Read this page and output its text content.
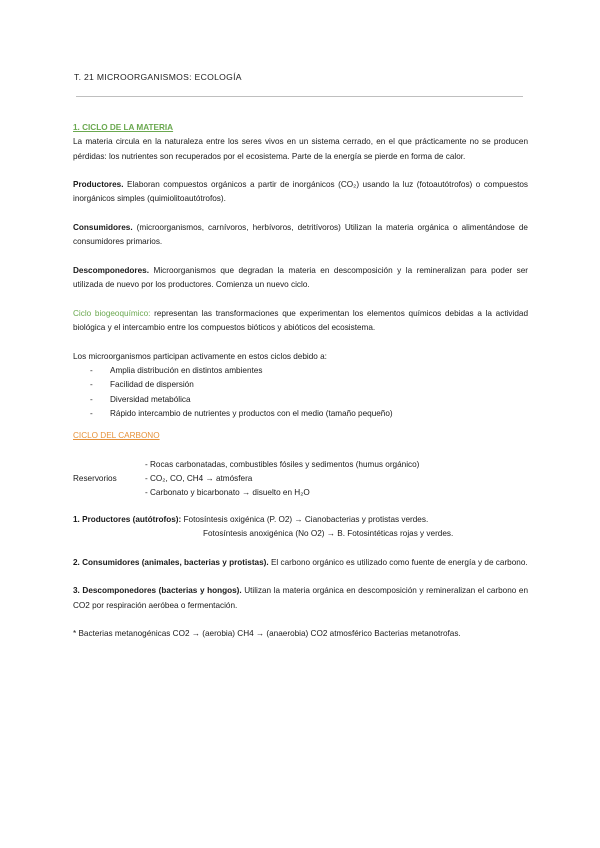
T. 21 MICROORGANISMOS: ECOLOGÍA
1. CICLO DE LA MATERIA

La materia circula en la naturaleza entre los seres vivos en un sistema cerrado, en el que prácticamente no se producen pérdidas: los nutrientes son recuperados por el ecosistema. Parte de la energía se pierde en forma de calor.

Productores. Elaboran compuestos orgánicos a partir de inorgánicos (CO₂) usando la luz (fotoautótrofos) o compuestos inorgánicos simples (quimiolitoautótrofos).

Consumidores. (microorganismos, carnívoros, herbívoros, detritívoros) Utilizan la materia orgánica o alimentándose de consumidores primarios.

Descomponedores. Microorganismos que degradan la materia en descomposición y la remineralizan para poder ser utilizada de nuevo por los productores. Comienza un nuevo ciclo.

Ciclo biogeoquímico: representan las transformaciones que experimentan los elementos químicos debidas a la actividad biológica y el intercambio entre los compuestos bióticos y abióticos del ecosistema.

Los microorganismos participan activamente en estos ciclos debido a:

- Amplia distribución en distintos ambientes
- Facilidad de dispersión
- Diversidad metabólica
- Rápido intercambio de nutrientes y productos con el medio (tamaño pequeño)
CICLO DEL CARBONO
Reservorios
- Rocas carbonatadas, combustibles fósiles y sedimentos (humus orgánico)
- CO₂, CO, CH4 → atmósfera
- Carbonato y bicarbonato → disuelto en H₂O

1. Productores (autótrofos): Fotosíntesis oxigénica (P. O2) → Cianobacterias y protistas verdes.

Fotosíntesis anoxigénica (No O2) → B. Fotosintéticas rojas y verdes.

2. Consumidores (animales, bacterias y protistas). El carbono orgánico es utilizado como fuente de energía y de carbono.

3. Descomponedores (bacterias y hongos). Utilizan la materia orgánica en descomposición y remineralizan el carbono en CO2 por respiración aeróbea o fermentación.

* Bacterias metanogénicas CO2 → (aerobia) CH4 → (anaerobia) CO2 atmosférico Bacterias metanotrofas.
